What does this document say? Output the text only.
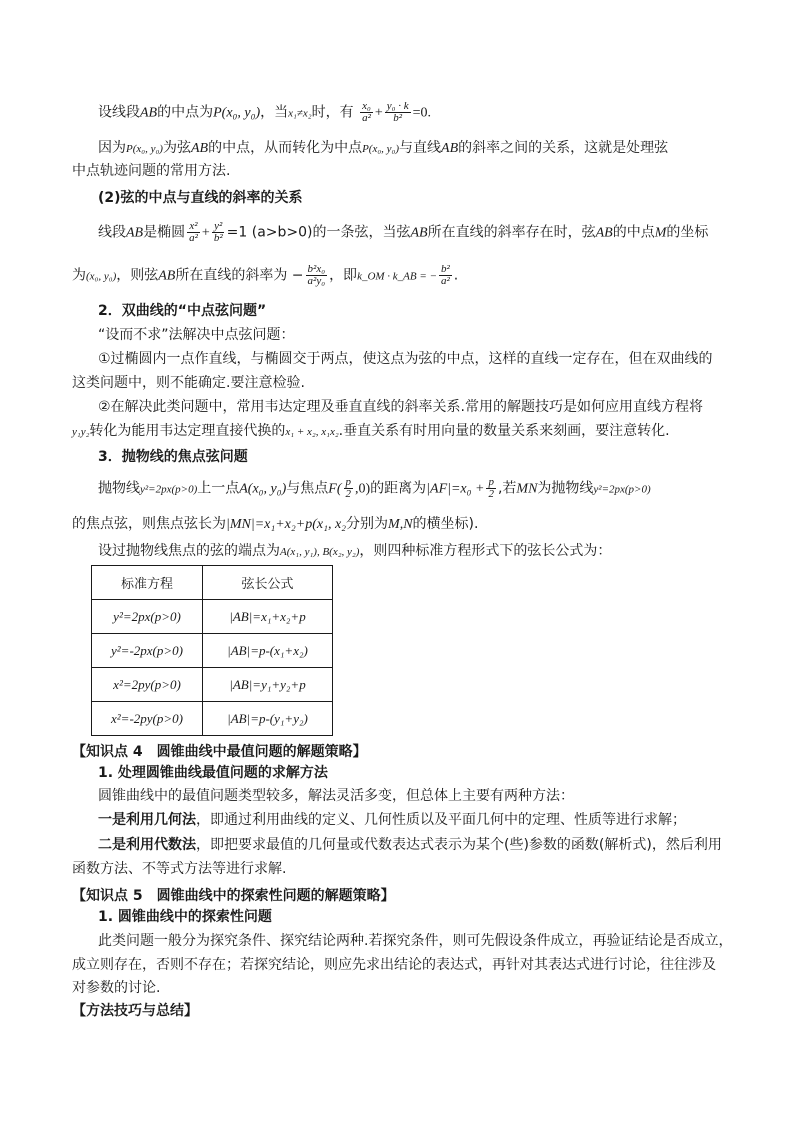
设线段AB的中点为P(x₀, y₀)，当x₁≠x₂时，有 $\frac{\text{x₀}}{\text{a²}} + \frac{\text{y₀ · k}}{\text{b²}} =0$.
因为P(x₀, y₀)为弦AB的中点，从而转化为中点P(x₀, y₀)与直线AB的斜率之间的关系，这就是处理弦
中点轨迹问题的常用方法.
(2)弦的中点与直线的斜率的关系
线段AB是椭圆 $\frac{\text{x²}}{\text{a²}} + \frac{\text{y²}}{\text{b²}} =1$ (a>b>0)的一条弦，当弦AB所在直线的斜率存在时，弦AB的中点M的坐标
为(x₀, y₀)，则弦AB所在直线的斜率为 − $\frac{\text{b²x₀}}{\text{a²y₀}}$ ，即k_OM · k_AB = − $\frac{\text{b²}}{\text{a²}}$ .
2．双曲线的“中点弦问题”
“设而不求”法解决中点弦问题：
①过椭圆内一点作直线，与椭圆交于两点，使这点为弦的中点，这样的直线一定存在，但在双曲线的
这类问题中，则不能确定.要注意检验.
②在解决此类问题中，常用韦达定理及垂直直线的斜率关系.常用的解题技巧是如何应用直线方程将
y₁y₂转化为能用韦达定理直接代换的x₁ + x₂, x₁x₂.垂直关系有时用向量的数量关系来刻画，要注意转化.
3．抛物线的焦点弦问题
抛物线y²=2px(p>0)上一点A(x₀, y₀)与焦点$F( \frac{p}{2} ,0)$的距离为$|AF|=x_0 + \frac{p}{2}$ ,若MN为抛物线y²=2px(p>0)
的焦点弦，则焦点弦长为|MN|=x₁+x₂+p(x₁, x₂分别为M,N的横坐标).
设过抛物线焦点的弦的端点为A(x₁, y₁), B(x₂, y₂)，则四种标准方程形式下的弦长公式为：
标准方程	弦长公式
y²=2px(p>0)	|AB|=x₁+x₂+p
y²=-2px(p>0)	|AB|=p-(x₁+x₂)
x²=2py(p>0)	|AB|=y₁+y₂+p
x²=-2py(p>0)	|AB|=p-(y₁+y₂)
【知识点 4　圆锥曲线中最值问题的解题策略】
1. 处理圆锥曲线最值问题的求解方法
圆锥曲线中的最值问题类型较多，解法灵活多变，但总体上主要有两种方法：
一是利用几何法，即通过利用曲线的定义、几何性质以及平面几何中的定理、性质等进行求解；
二是利用代数法，即把要求最值的几何量或代数表达式表示为某个(些)参数的函数(解析式)，然后利用
函数方法、不等式方法等进行求解.
【知识点 5　圆锥曲线中的探索性问题的解题策略】
1. 圆锥曲线中的探索性问题
此类问题一般分为探究条件、探究结论两种.若探究条件，则可先假设条件成立，再验证结论是否成立，
成立则存在，否则不存在；若探究结论，则应先求出结论的表达式，再针对其表达式进行讨论，往往涉及
对参数的讨论.
【方法技巧与总结】
